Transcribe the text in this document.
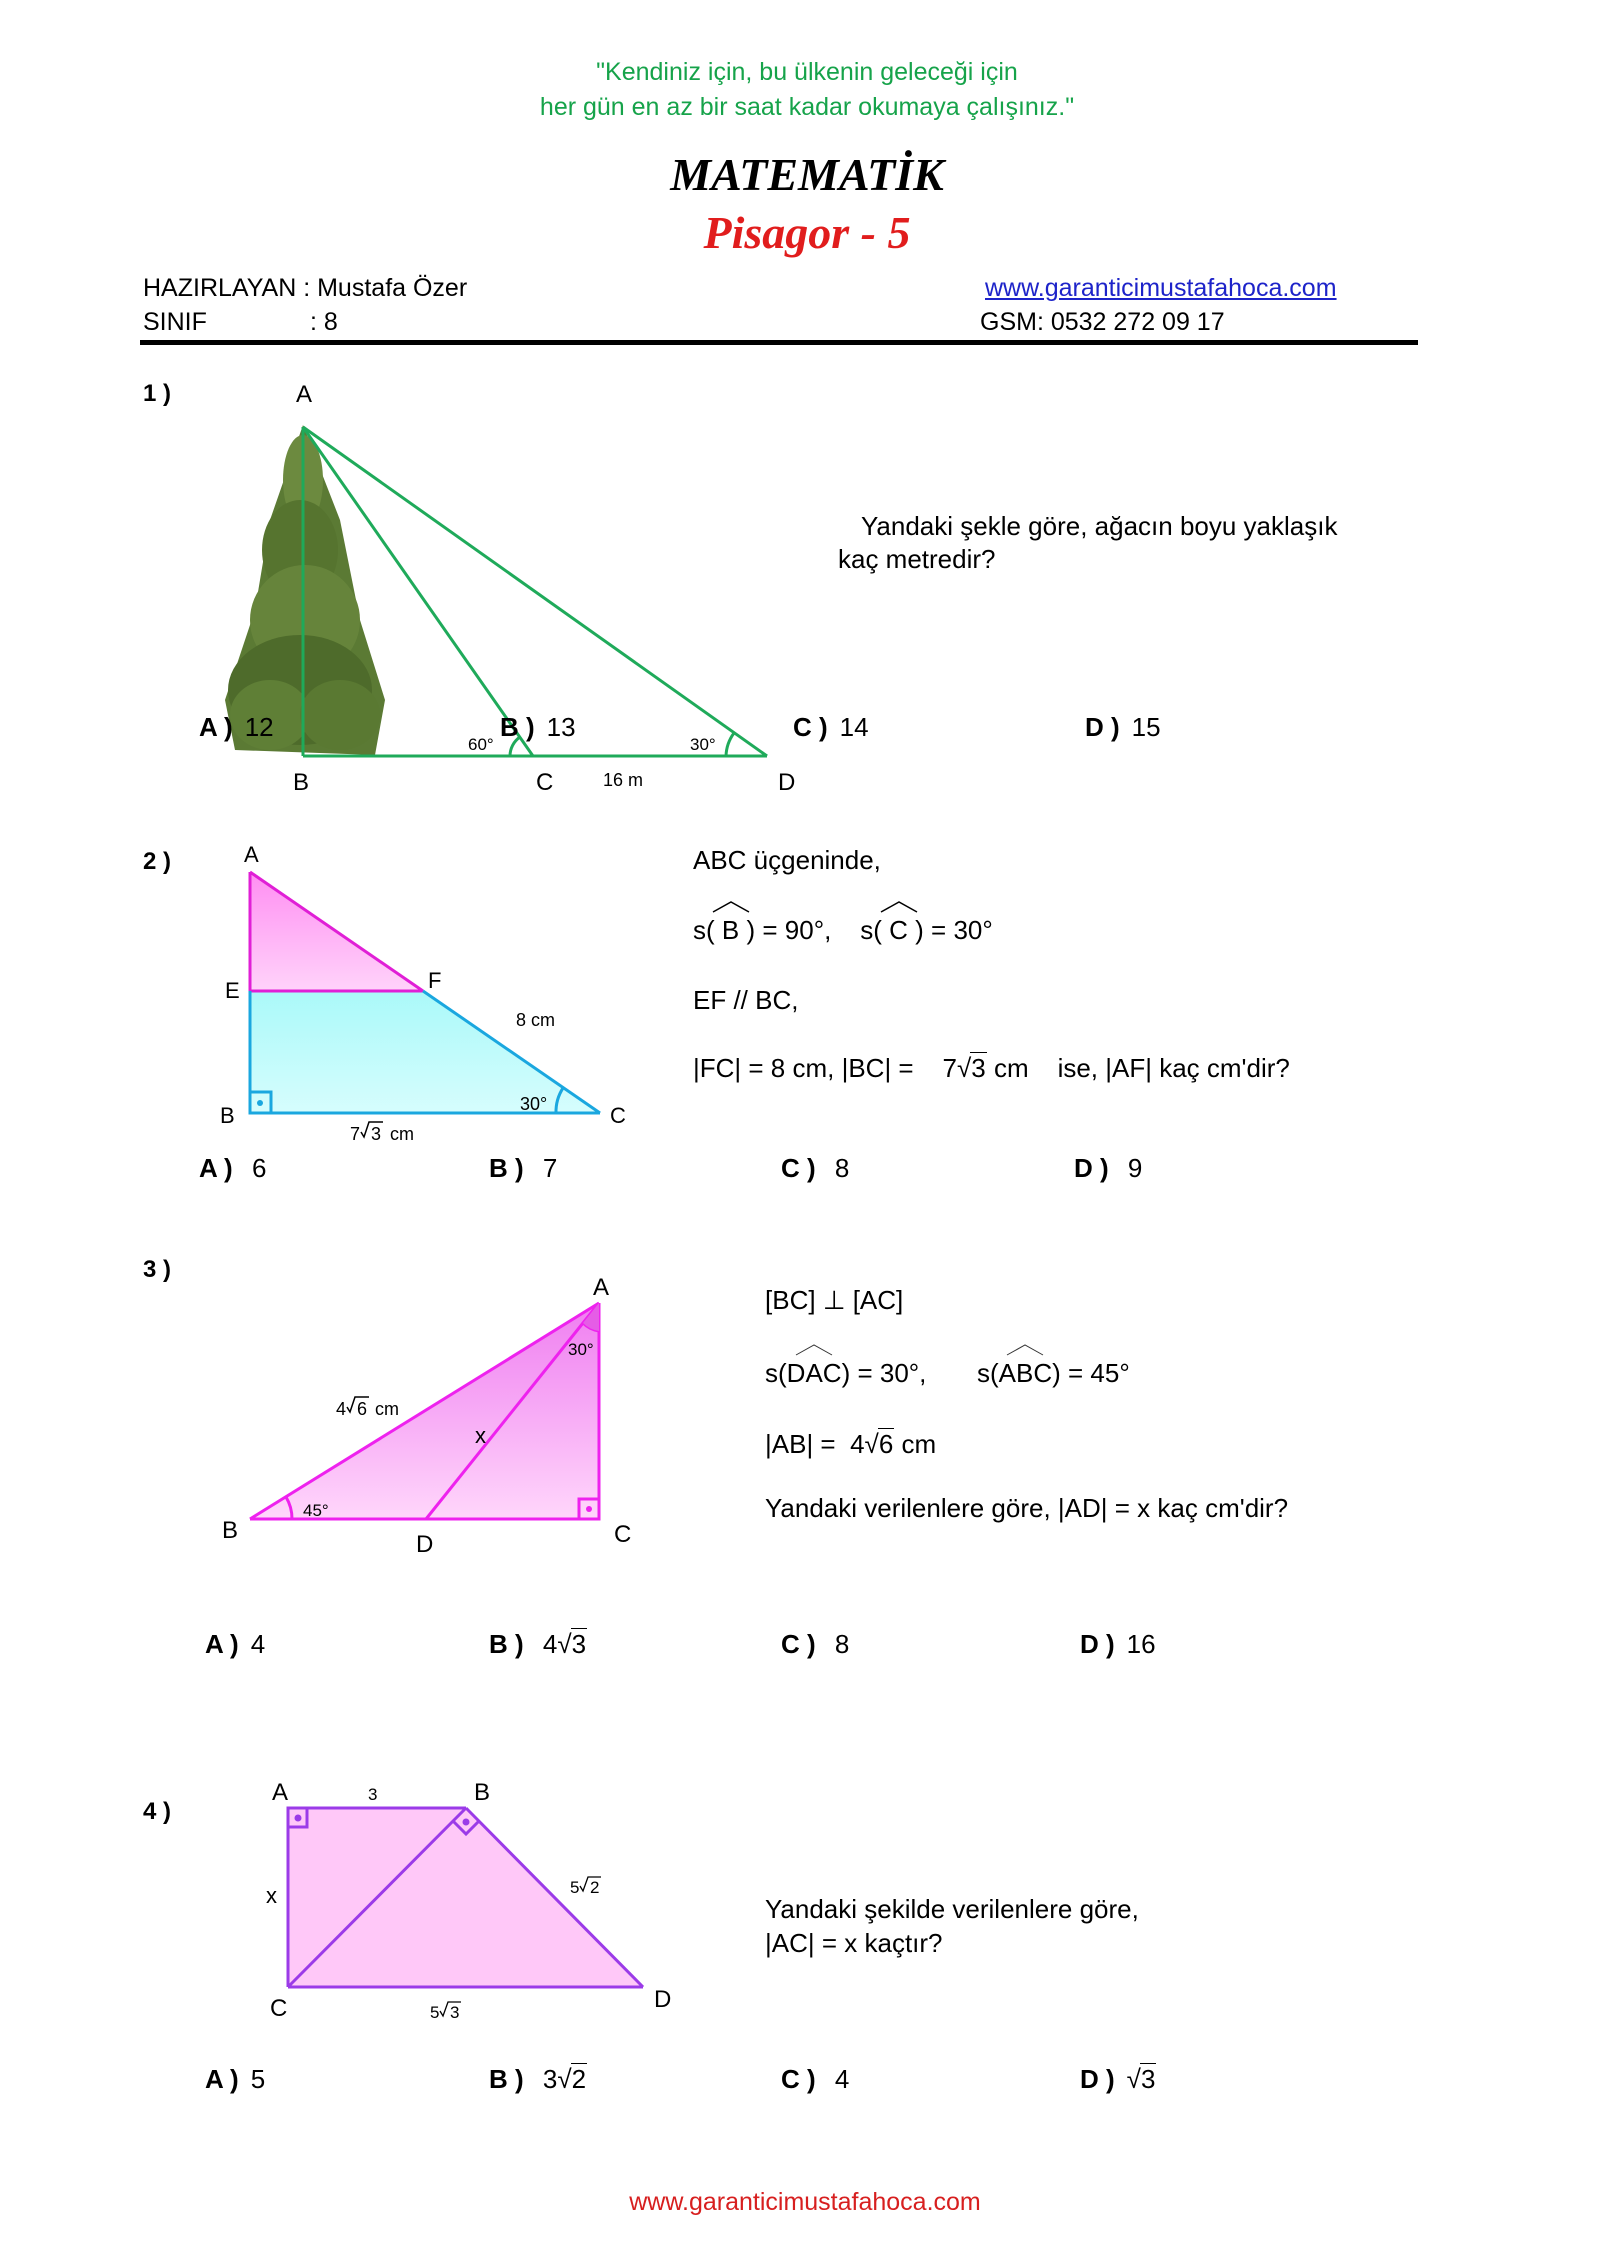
"Kendiniz için, bu ülkenin geleceği için
her gün en az bir saat kadar okumaya çalışınız."
MATEMATİK
Pisagor - 5
HAZIRLAYAN : Mustafa Özer
SINIF	: 8
www.garanticimustafahoca.com
GSM: 0532 272 09 17
1 )	A
B	C	D
60°	30°
16 m
Yandaki şekle göre, ağacın boyu yaklaşık
kaç metredir?
A ) 12	B ) 13	C ) 14	D ) 15
2 )	A
E	F
B	C
8 cm
30°
7 3 cm
ABC üçgeninde,
s( B ) = 90°, s( C ) = 30°
EF // BC,
|FC| = 8 cm, |BC| = 7√3 cm ise, |AF| kaç cm'dir?
A ) 6	B ) 7	C ) 8	D ) 9
3 )
A
B	C
D
30°
45°
x
4 6 cm
[BC] ⊥ [AC]
s(
DAC) = 30°, s(
ABC) = 45°
|AB| = 4√6 cm
Yandaki verilenlere göre, |AD| = x kaç cm'dir?
A ) 4	B ) 4√3	C ) 8	D ) 16
4 )
A	B
C	D
3
x	5 2
5 3
Yandaki şekilde verilenlere göre,
|AC| = x kaçtır?
A ) 5	B ) 3√2	C ) 4	D ) √3
www.garanticimustafahoca.com
